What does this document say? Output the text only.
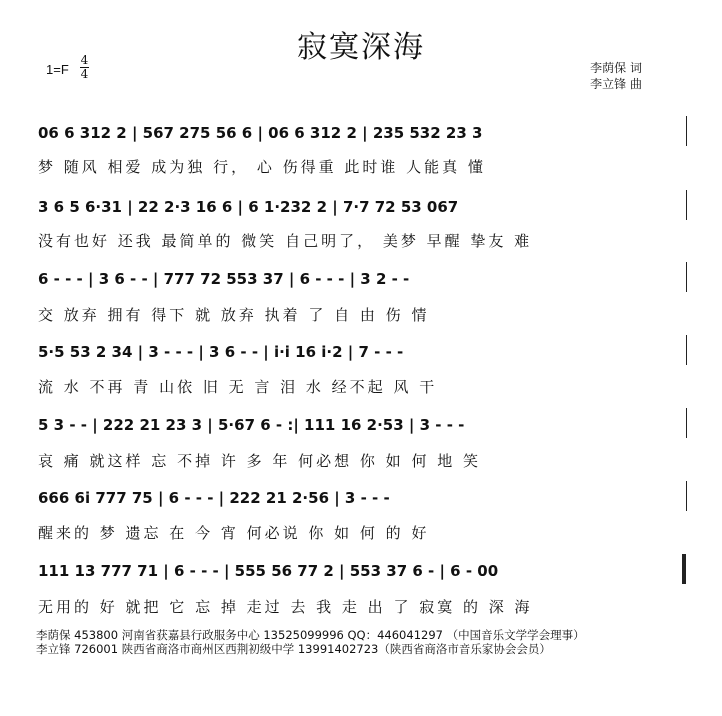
寂寞深海
1=F
4
4	李荫保 词
李立锋 曲
06 6 312 2 | 567 275 56 6 | 06 6 312 2 | 235 532 23 3
梦 随风 相爱 成为独 行， 心 伤得重 此时谁 人能真 懂
3 6 5 6·31 | 22 2·3 16 6 | 6 1·232 2 | 7·7 72 53 067
没有也好 还我 最简单的 微笑 自己明了， 美梦 早醒 挚友 难
6 - - - | 3 6 - - | 777 72 553 37 | 6 - - - | 3 2 - -
交 放弃 拥有 得下 就 放弃 执着 了 自 由 伤 情
5·5 53 2 34 | 3 - - - | 3 6 - - | i·i 16 i·2 | 7 - - -
流 水 不再 青 山依 旧 无 言 泪 水 经不起 风 干
5 3 - - | 222 21 23 3 | 5·67 6 - :| 111 16 2·53 | 3 - - -
哀 痛 就这样 忘 不掉 许 多 年 何必想 你 如 何 地 笑
666 6i 777 75 | 6 - - - | 222 21 2·56 | 3 - - -
醒来的 梦 遗忘 在 今 宵 何必说 你 如 何 的 好
111 13 777 71 | 6 - - - | 555 56 77 2 | 553 37 6 - | 6 - 00
无用的 好 就把 它 忘 掉 走过 去 我 走 出 了 寂寞 的 深 海
李荫保 453800 河南省获嘉县行政服务中心 13525099996 QQ：446041297 （中国音乐文学学会理事）
李立锋 726001 陕西省商洛市商州区西荆初级中学 13991402723（陕西省商洛市音乐家协会会员）
